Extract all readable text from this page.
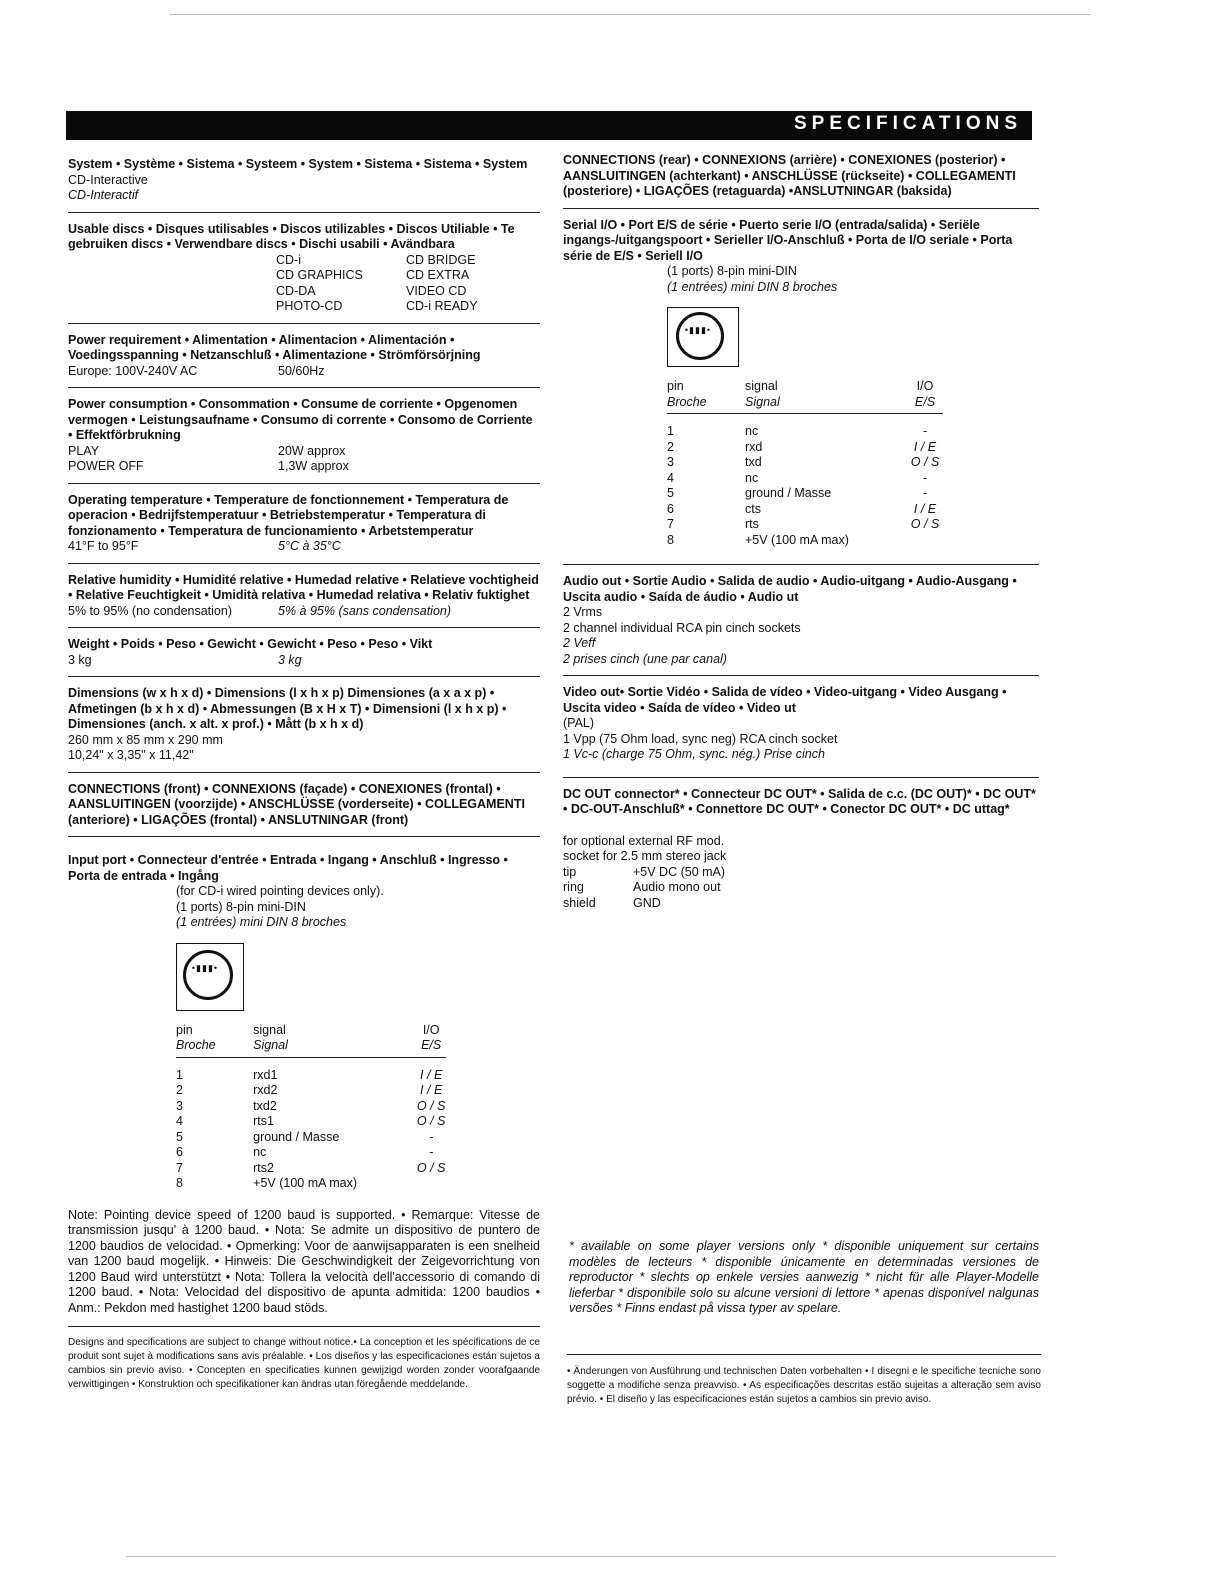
SPECIFICATIONS
System • Système • Sistema • Systeem • System • Sistema • Sistema • System
CD-Interactive
CD-Interactif
Usable discs • Disques utilisables • Discos utilizables • Discos Utiliable • Te gebruiken discs • Verwendbare discs • Dischi usabili • Avändbara
CD-i	CD BRIDGE
CD GRAPHICS	CD EXTRA
CD-DA	VIDEO CD
PHOTO-CD	CD-i READY
Power requirement • Alimentation • Alimentacion • Alimentación • Voedingsspanning • Netzanschluß • Alimentazione • Strömförsörjning
Europe: 100V-240V AC	50/60Hz
Power consumption • Consommation • Consume de corriente • Opgenomen vermogen • Leistungsaufname • Consumo di corrente • Consomo de Corriente • Effektförbrukning
PLAY	20W approx
POWER OFF	1,3W approx
Operating temperature • Temperature de fonctionnement • Temperatura de operacion • Bedrijfstemperatuur • Betriebstemperatur • Temperatura di fonzionamento • Temperatura de funcionamiento • Arbetstemperatur
41°F to 95°F	5°C à 35°C
Relative humidity • Humidité relative • Humedad relative • Relatieve vochtigheid • Relative Feuchtigkeit • Umidità relativa • Humedad relativa • Relativ fuktighet
5% to 95% (no condensation)	5% à 95% (sans condensation)
Weight • Poids • Peso • Gewicht • Gewicht • Peso • Peso • Vikt
3 kg	3 kg
Dimensions (w x h x d) • Dimensions (l x h x p) Dimensiones (a x a x p) • Afmetingen (b x h x d) • Abmessungen (B x H x T) • Dimensioni (l x h x p) • Dimensiones (anch. x alt. x prof.) • Mått (b x h x d)
260 mm x 85 mm x 290 mm
10,24" x 3,35" x 11,42"
CONNECTIONS (front) • CONNEXIONS (façade) • CONEXIONES (frontal) • AANSLUITINGEN (voorzijde) • ANSCHLÜSSE (vorderseite) • COLLEGAMENTI (anteriore) • LIGAÇÕES (frontal) • ANSLUTNINGAR (front)
Input port • Connecteur d'entrée • Entrada • Ingang • Anschluß • Ingresso • Porta de entrada • Ingång
(for CD-i wired pointing devices only).
(1 ports) 8-pin mini-DIN
(1 entrées) mini DIN 8 broches
•▮▮▮•
pin	signal	I/O
Broche	Signal	E/S
1	rxd1	I / E
2	rxd2	I / E
3	txd2	O / S
4	rts1	O / S
5	ground / Masse	-
6	nc	-
7	rts2	O / S
8	+5V (100 mA max)
Note: Pointing device speed of 1200 baud is supported. • Remarque: Vitesse de transmission jusqu' à 1200 baud. • Nota: Se admite un dispositivo de puntero de 1200 baudios de velocidad. • Opmerking: Voor de aanwijsapparaten is een snelheid van 1200 baud mogelijk. • Hinweis: Die Geschwindigkeit der Zeigevorrichtung von 1200 Baud wird unterstützt • Nota: Tollera la velocità dell'accessorio di comando di 1200 baud. • Nota: Velocidad del dispositivo de apunta admitida: 1200 baudios • Anm.: Pekdon med hastighet 1200 baud stöds.
Designs and specifications are subject to change without notice.• La conception et les spécifications de ce produit sont sujet à modifications sans avis préalable. • Los diseños y las especificaciones están sujetos a cambios sin previo aviso. • Concepten en specificaties kunnen gewijzigd worden zonder voorafgaande verwittigingen • Konstruktion och specifikationer kan ändras utan föregående meddelande.
CONNECTIONS (rear) • CONNEXIONS (arrière) • CONEXIONES (posterior) • AANSLUITINGEN (achterkant) • ANSCHLÜSSE (rückseite) • COLLEGAMENTI (posteriore) • LIGAÇÕES (retaguarda) •ANSLUTNINGAR (baksida)
Serial I/O • Port E/S de série • Puerto serie I/O (entrada/salida) • Seriële ingangs-/uitgangspoort • Serieller I/O-Anschluß • Porta de I/O seriale • Porta série de E/S • Seriell I/O
(1 ports) 8-pin mini-DIN
(1 entrées) mini DIN 8 broches
•▮▮▮•
pin	signal	I/O
Broche	Signal	E/S
1	nc	-
2	rxd	I / E
3	txd	O / S
4	nc	-
5	ground / Masse	-
6	cts	I / E
7	rts	O / S
8	+5V (100 mA max)
Audio out • Sortie Audio • Salida de audio • Audio-uitgang • Audio-Ausgang • Uscita audio • Saída de áudio • Audio ut
2 Vrms
2 channel individual RCA pin cinch sockets
2 Veff
2 prises cinch (une par canal)
Video out• Sortie Vidéo • Salida de vídeo • Video-uitgang • Video Ausgang • Uscita video • Saída de vídeo • Video ut
(PAL)
1 Vpp (75 Ohm load, sync neg) RCA cinch socket
1 Vc-c (charge 75 Ohm, sync. nég.) Prise cinch
DC OUT connector* • Connecteur DC OUT* • Salida de c.c. (DC OUT)* • DC OUT* • DC-OUT-Anschluß* • Connettore DC OUT* • Conector DC OUT* • DC uttag*
for optional external RF mod.
socket for 2.5 mm stereo jack
tip	+5V DC (50 mA)
ring	Audio mono out
shield	GND
* available on some player versions only * disponible uniquement sur certains modèles de lecteurs * disponible únicamente en determinadas versiones de reproductor * slechts op enkele versies aanwezig * nicht für alle Player-Modelle lieferbar * disponibile solo su alcune versioni di lettore * apenas disponível nalgunas versões * Finns endast på vissa typer av spelare.
• Änderungen von Ausführung und technischen Daten vorbehalten • I disegni e le specifiche tecniche sono soggette a modifiche senza preavviso. • As especificações descritas estão sujeitas a alteração sem aviso prévio. • El diseño y las especificaciones están sujetos a cambios sin previo aviso.
